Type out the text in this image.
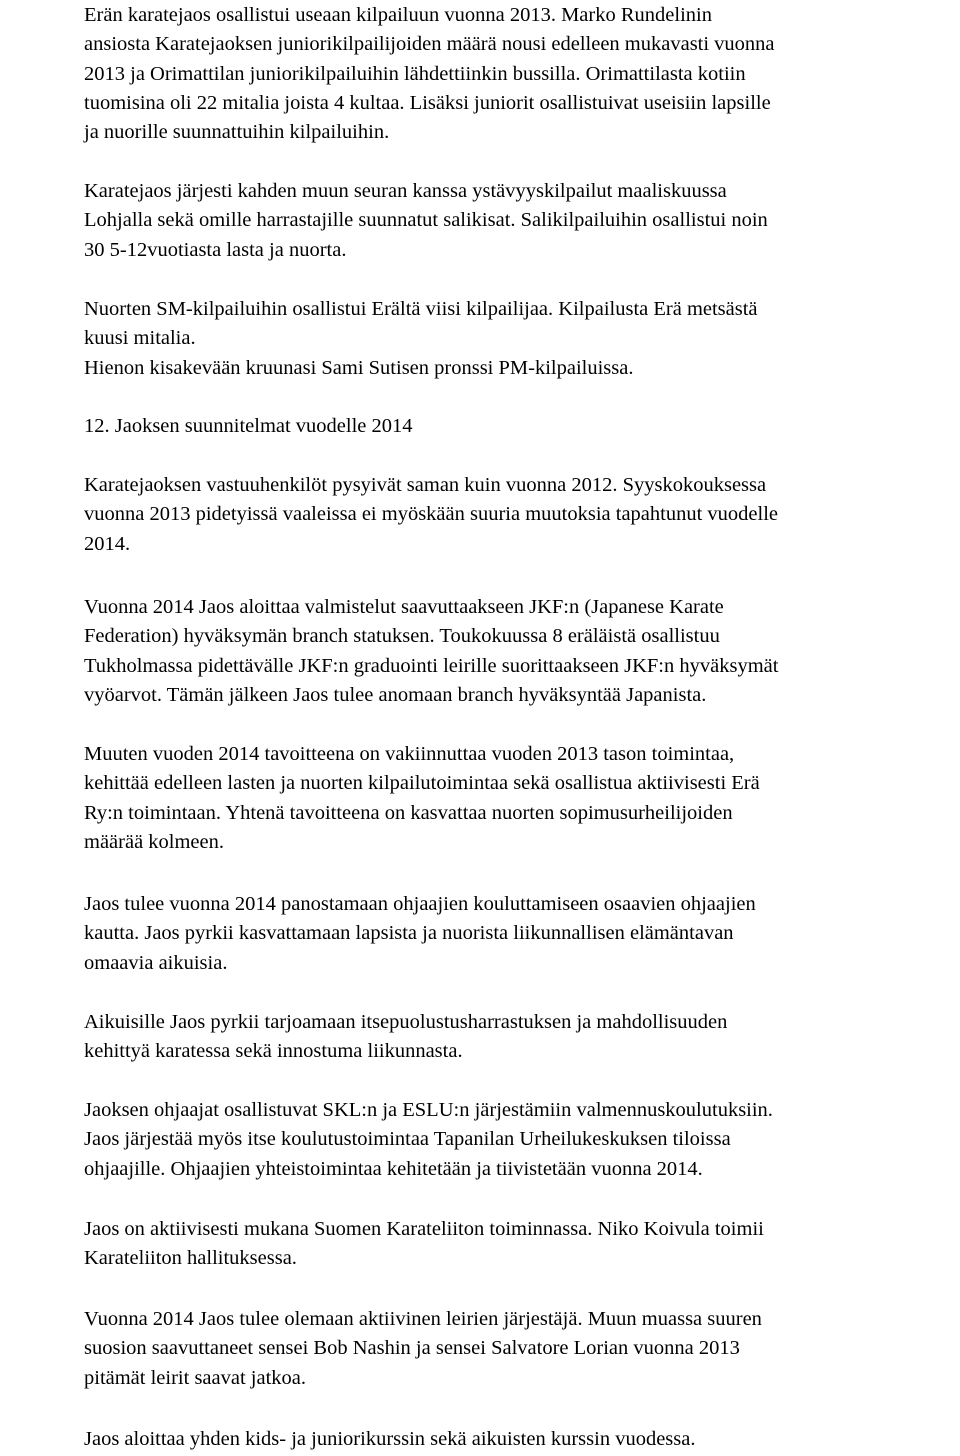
Erän karatejaos osallistui useaan kilpailuun vuonna 2013. Marko Rundelinin
ansiosta Karatejaoksen juniorikilpailijoiden määrä nousi edelleen mukavasti vuonna
2013 ja Orimattilan juniorikilpailuihin lähdettiinkin bussilla. Orimattilasta kotiin
tuomisina oli 22 mitalia joista 4 kultaa. Lisäksi juniorit osallistuivat useisiin lapsille
ja nuorille suunnattuihin kilpailuihin.
Karatejaos järjesti kahden muun seuran kanssa ystävyyskilpailut maaliskuussa
Lohjalla sekä omille harrastajille suunnatut salikisat. Salikilpailuihin osallistui noin
30 5-12vuotiasta lasta ja nuorta.
Nuorten SM-kilpailuihin osallistui Erältä viisi kilpailijaa. Kilpailusta Erä metsästä
kuusi mitalia.
Hienon kisakevään kruunasi Sami Sutisen pronssi PM-kilpailuissa.
12. Jaoksen suunnitelmat vuodelle 2014
Karatejaoksen vastuuhenkilöt pysyivät saman kuin vuonna 2012. Syyskokouksessa
vuonna 2013 pidetyissä vaaleissa ei myöskään suuria muutoksia tapahtunut vuodelle
2014.
Vuonna 2014 Jaos aloittaa valmistelut saavuttaakseen JKF:n (Japanese Karate
Federation) hyväksymän branch statuksen. Toukokuussa 8 eräläistä osallistuu
Tukholmassa pidettävälle JKF:n graduointi leirille suorittaakseen JKF:n hyväksymät
vyöarvot. Tämän jälkeen Jaos tulee anomaan branch hyväksyntää Japanista.
Muuten vuoden 2014 tavoitteena on vakiinnuttaa vuoden 2013 tason toimintaa,
kehittää edelleen lasten ja nuorten kilpailutoimintaa sekä osallistua aktiivisesti Erä
Ry:n toimintaan. Yhtenä tavoitteena on kasvattaa nuorten sopimusurheilijoiden
määrää kolmeen.
Jaos tulee vuonna 2014 panostamaan ohjaajien kouluttamiseen osaavien ohjaajien
kautta. Jaos pyrkii kasvattamaan lapsista ja nuorista liikunnallisen elämäntavan
omaavia aikuisia.
Aikuisille Jaos pyrkii tarjoamaan itsepuolustusharrastuksen ja mahdollisuuden
kehittyä karatessa sekä innostuma liikunnasta.
Jaoksen ohjaajat osallistuvat SKL:n ja ESLU:n järjestämiin valmennuskoulutuksiin.
Jaos järjestää myös itse koulutustoimintaa Tapanilan Urheilukeskuksen tiloissa
ohjaajille. Ohjaajien yhteistoimintaa kehitetään ja tiivistetään vuonna 2014.
Jaos on aktiivisesti mukana Suomen Karateliiton toiminnassa. Niko Koivula toimii
Karateliiton hallituksessa.
Vuonna 2014 Jaos tulee olemaan aktiivinen leirien järjestäjä. Muun muassa suuren
suosion saavuttaneet sensei Bob Nashin ja sensei Salvatore Lorian vuonna 2013
pitämät leirit saavat jatkoa.
Jaos aloittaa yhden kids- ja juniorikurssin sekä aikuisten kurssin vuodessa.
